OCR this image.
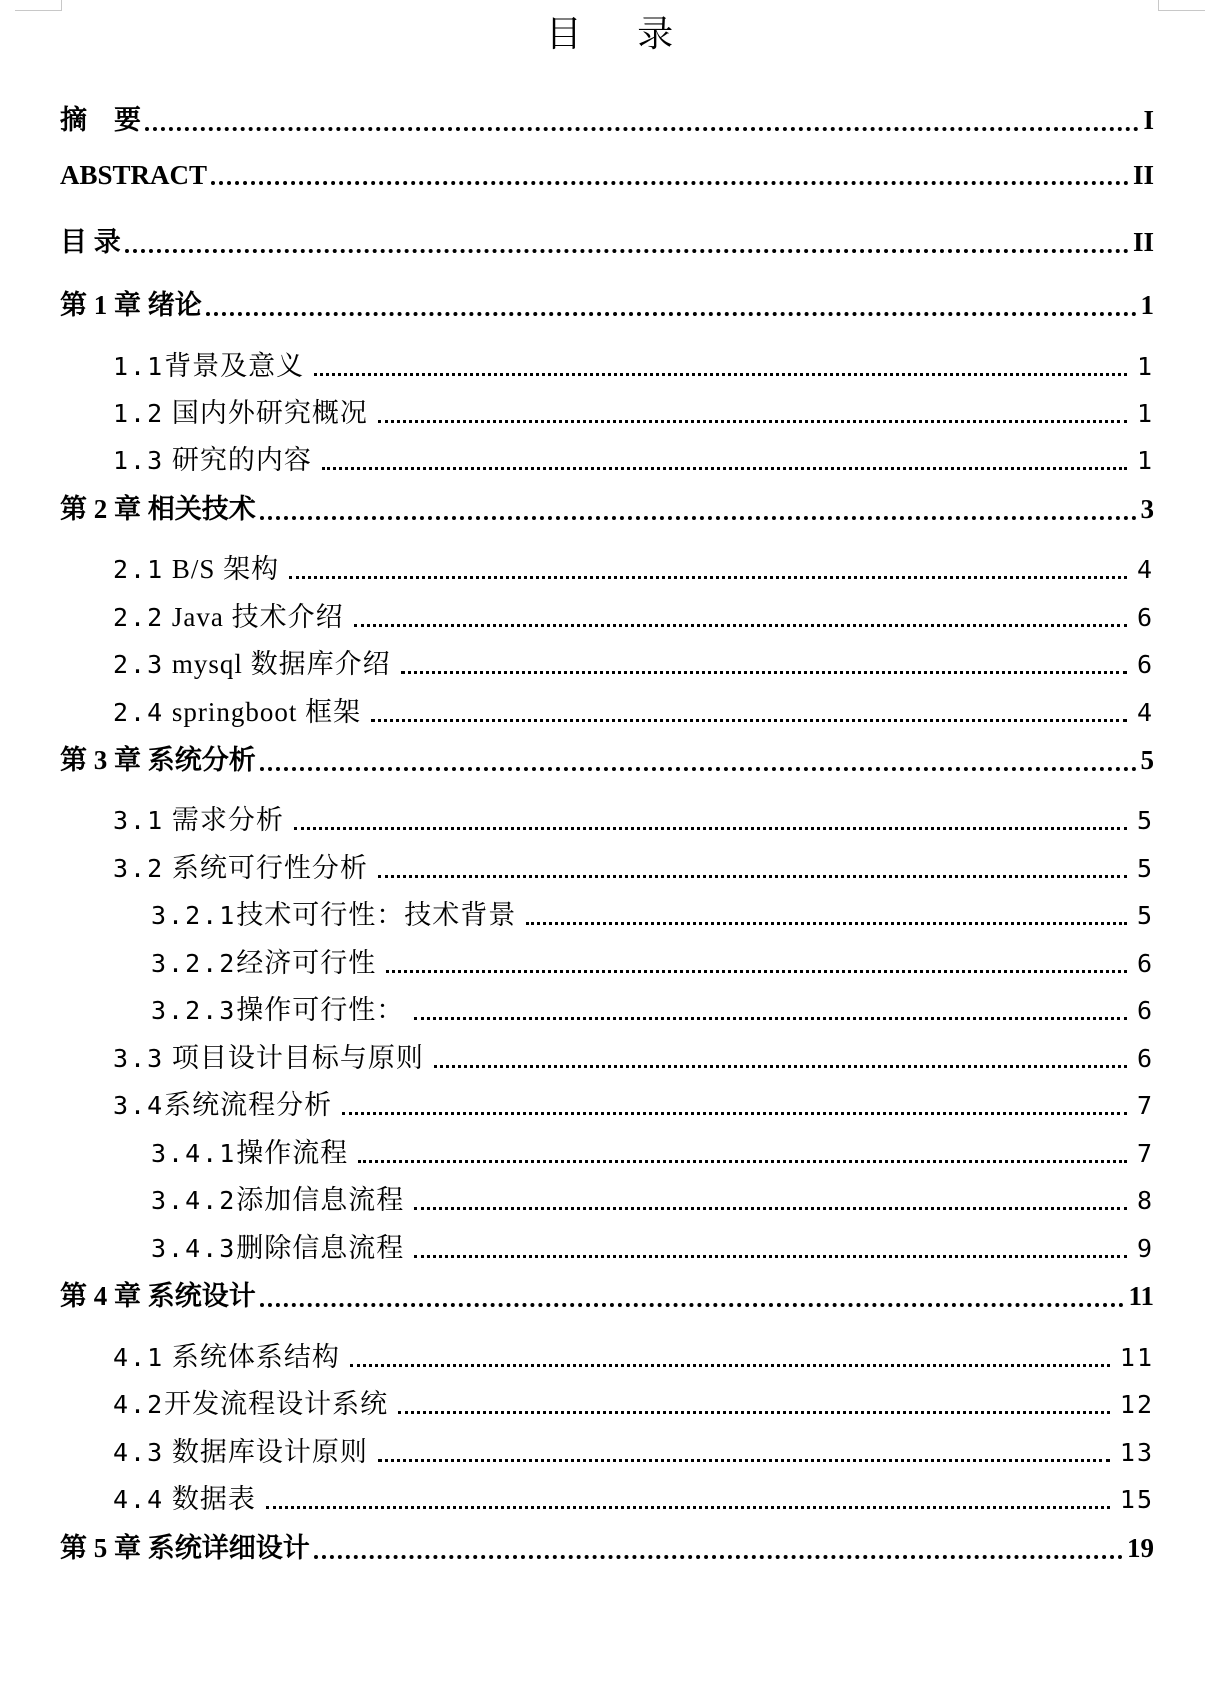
目 录
摘　要	I
ABSTRACT	II
目 录	II
第 1 章 绪论	1
1.1背景及意义	1
1.2 国内外研究概况	1
1.3 研究的内容	1
第 2 章 相关技术	3
2.1 B/S 架构	4
2.2 Java 技术介绍	6
2.3 mysql 数据库介绍	6
2.4 springboot 框架	4
第 3 章 系统分析	5
3.1 需求分析	5
3.2 系统可行性分析	5
3.2.1技术可行性：技术背景	5
3.2.2经济可行性	6
3.2.3操作可行性：	6
3.3 项目设计目标与原则	6
3.4系统流程分析	7
3.4.1操作流程	7
3.4.2添加信息流程	8
3.4.3删除信息流程	9
第 4 章 系统设计	11
4.1 系统体系结构	11
4.2开发流程设计系统	12
4.3 数据库设计原则	13
4.4 数据表	15
第 5 章 系统详细设计	19
